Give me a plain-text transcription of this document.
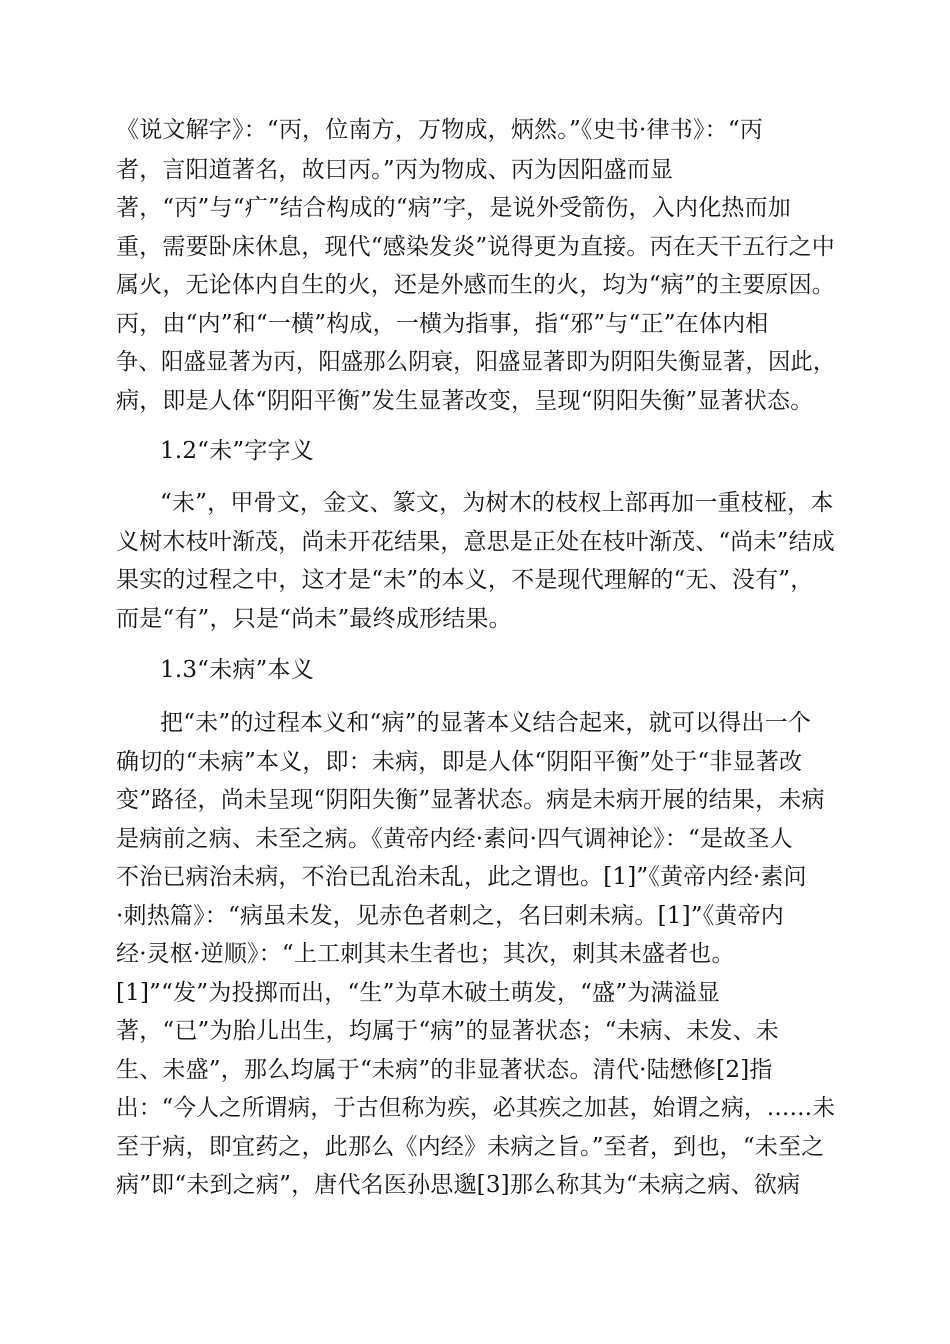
《说文解字》：“丙，位南方，万物成，炳然。”《史书·律书》：“丙
者，言阳道著名，故曰丙。”丙为物成、丙为因阳盛而显
著，“丙”与“疒”结合构成的“病”字，是说外受箭伤，入内化热而加
重，需要卧床休息，现代“感染发炎”说得更为直接。丙在天干五行之中
属火，无论体内自生的火，还是外感而生的火，均为“病”的主要原因。
丙，由“内”和“一横”构成，一横为指事，指“邪”与“正”在体内相
争、阳盛显著为丙，阳盛那么阴衰，阳盛显著即为阴阳失衡显著，因此，
病，即是人体“阴阳平衡”发生显著改变，呈现“阴阳失衡”显著状态。
1.2“未”字字义
“未”，甲骨文，金文、篆文，为树木的枝杈上部再加一重枝桠，本
义树木枝叶渐茂，尚未开花结果，意思是正处在枝叶渐茂、“尚未”结成
果实的过程之中，这才是“未”的本义，不是现代理解的“无、没有”，
而是“有”，只是“尚未”最终成形结果。
1.3“未病”本义
把“未”的过程本义和“病”的显著本义结合起来，就可以得出一个
确切的“未病”本义，即：未病，即是人体“阴阳平衡”处于“非显著改
变”路径，尚未呈现“阴阳失衡”显著状态。病是未病开展的结果，未病
是病前之病、未至之病。《黄帝内经·素问·四气调神论》：“是故圣人
不治已病治未病，不治已乱治未乱，此之谓也。[1]”《黄帝内经·素问
·刺热篇》：“病虽未发，见赤色者刺之，名曰刺未病。[1]”《黄帝内
经·灵枢·逆顺》：“上工刺其未生者也；其次，刺其未盛者也。
[1]”“发”为投掷而出，“生”为草木破土萌发，“盛”为满溢显
著，“已”为胎儿出生，均属于“病”的显著状态；“未病、未发、未
生、未盛”，那么均属于“未病”的非显著状态。清代·陆懋修[2]指
出：“今人之所谓病，于古但称为疾，必其疾之加甚，始谓之病，……未
至于病，即宜药之，此那么《内经》未病之旨。”至者，到也，“未至之
病”即“未到之病”，唐代名医孙思邈[3]那么称其为“未病之病、欲病
